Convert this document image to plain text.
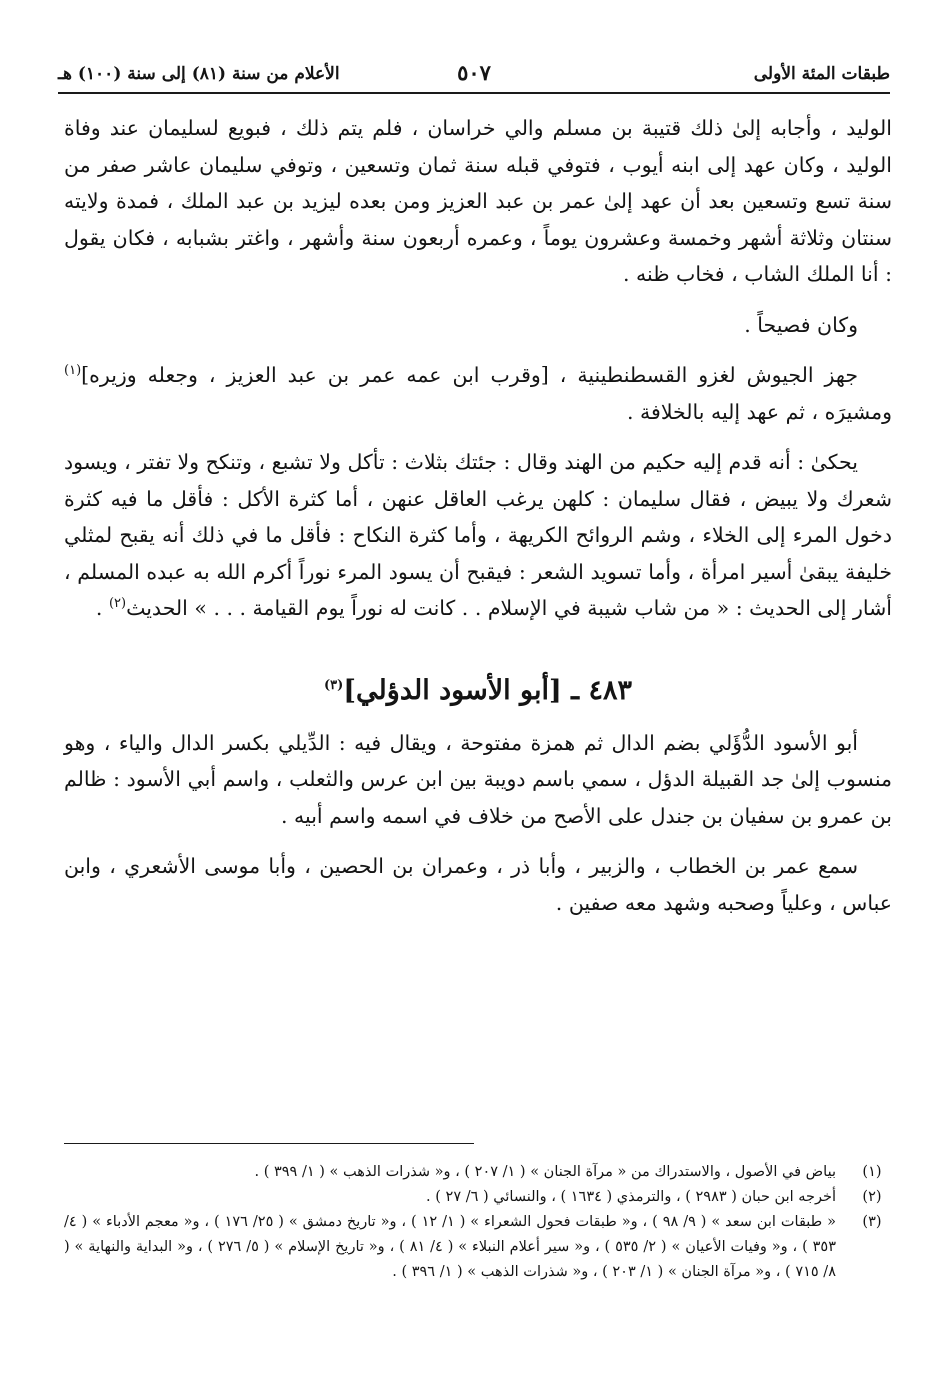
طبقات المئة الأولى
٥٠٧
الأعلام من سنة (٨١) إلى سنة (١٠٠) هـ

الوليد ، وأجابه إلىٰ ذلك قتيبة بن مسلم والي خراسان ، فلم يتم ذلك ، فبويع لسليمان عند وفاة الوليد ، وكان عهد إلى ابنه أيوب ، فتوفي قبله سنة ثمان وتسعين ، وتوفي سليمان عاشر صفر من سنة تسع وتسعين بعد أن عهد إلىٰ عمر بن عبد العزيز ومن بعده ليزيد بن عبد الملك ، فمدة ولايته سنتان وثلاثة أشهر وخمسة وعشرون يوماً ، وعمره أربعون سنة وأشهر ، واغتر بشبابه ، فكان يقول : أنا الملك الشاب ، فخاب ظنه .

وكان فصيحاً .

جهز الجيوش لغزو القسطنطينية ، [وقرب ابن عمه عمر بن عبد العزيز ، وجعله وزيره]$^{(١)}$ ومشيرَه ، ثم عهد إليه بالخلافة .

يحكىٰ : أنه قدم إليه حكيم من الهند وقال : جئتك بثلاث : تأكل ولا تشبع ، وتنكح ولا تفتر ، ويسود شعرك ولا يبيض ، فقال سليمان : كلهن يرغب العاقل عنهن ، أما كثرة الأكل : فأقل ما فيه كثرة دخول المرء إلى الخلاء ، وشم الروائح الكريهة ، وأما كثرة النكاح : فأقل ما في ذلك أنه يقبح لمثلي خليفة يبقىٰ أسير امرأة ، وأما تسويد الشعر : فيقبح أن يسود المرء نوراً أكرم الله به عبده المسلم ، أشار إلى الحديث : « من شاب شيبة في الإسلام . . كانت له نوراً يوم القيامة . . . » الحديث$^{(٢)}$ .

٤٨٣ ـ [أبو الأسود الدؤلي]$^{(٣)}$

أبو الأسود الدُّؤَلي بضم الدال ثم همزة مفتوحة ، ويقال فيه : الدِّيلي بكسر الدال والياء ، وهو منسوب إلىٰ جد القبيلة الدؤل ، سمي باسم دويبة بين ابن عرس والثعلب ، واسم أبي الأسود : ظالم بن عمرو بن سفيان بن جندل على الأصح من خلاف في اسمه واسم أبيه .

سمع عمر بن الخطاب ، والزبير ، وأبا ذر ، وعمران بن الحصين ، وأبا موسى الأشعري ، وابن عباس ، وعلياً وصحبه وشهد معه صفين .

(١)
بياض في الأصول ، والاستدراك من « مرآة الجنان » ( ١/ ٢٠٧ ) ، و« شذرات الذهب » ( ١/ ٣٩٩ ) .

(٢)
أخرجه ابن حبان ( ٢٩٨٣ ) ، والترمذي ( ١٦٣٤ ) ، والنسائي ( ٦/ ٢٧ ) .

(٣)
« طبقات ابن سعد » ( ٩/ ٩٨ ) ، و« طبقات فحول الشعراء » ( ١/ ١٢ ) ، و« تاريخ دمشق » ( ٢٥/ ١٧٦ ) ، و« معجم الأدباء » ( ٤/ ٣٥٣ ) ، و« وفيات الأعيان » ( ٢/ ٥٣٥ ) ، و« سير أعلام النبلاء » ( ٤/ ٨١ ) ، و« تاريخ الإسلام » ( ٥/ ٢٧٦ ) ، و« البداية والنهاية » ( ٨/ ٧١٥ ) ، و« مرآة الجنان » ( ١/ ٢٠٣ ) ، و« شذرات الذهب » ( ١/ ٣٩٦ ) .
